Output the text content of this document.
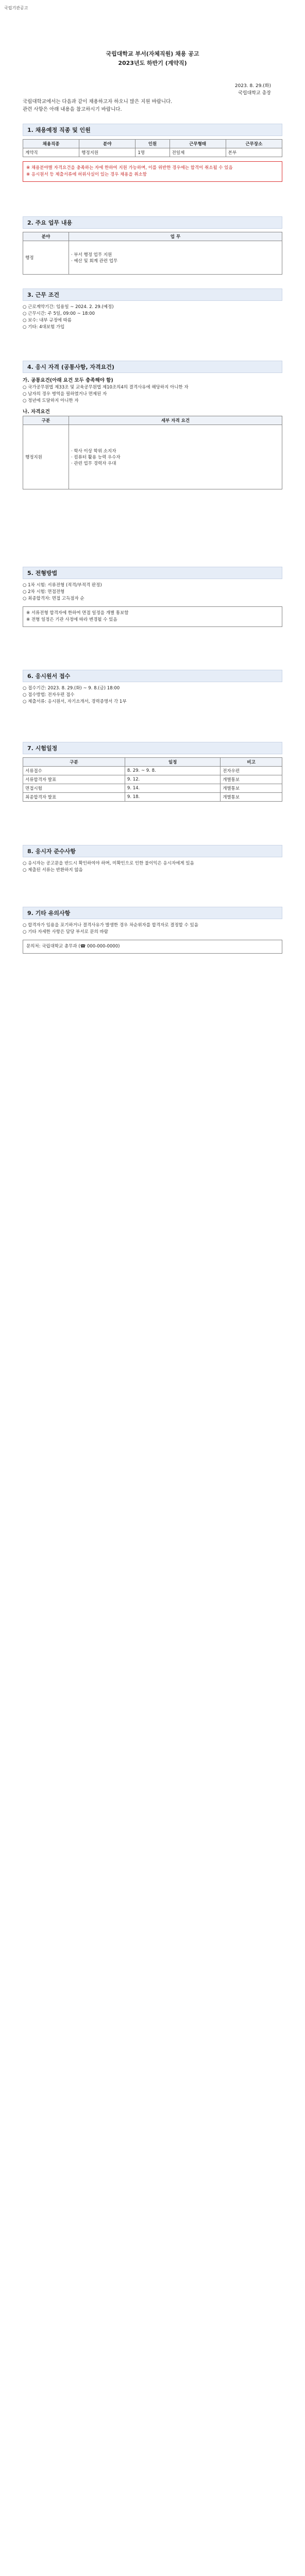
국립기관공고
국립대학교 부서(자체직원) 채용 공고
2023년도 하반기 (계약직)
2023. 8. 29.(화)
국립대학교 총장

국립대학교에서는 다음과 같이 채용하고자 하오니 많은 지원 바랍니다.

관련 사항은 아래 내용을 참고하시기 바랍니다.

1. 채용예정 직종 및 인원
채용직종	분야	인원	근무형태	근무장소
계약직	행정지원	1명	전일제	본부

※ 채용분야별 자격요건을 충족하는 자에 한하여 지원 가능하며, 이를 위반한 경우에는 합격이 취소될 수 있음

※ 응시원서 등 제출서류에 허위사실이 있는 경우 채용을 취소함

2. 주요 업무 내용
분야	업 무
행정	· 부서 행정 업무 지원
· 예산 및 회계 관련 업무
3. 근무 조건

○ 근로계약기간: 임용일 ~ 2024. 2. 29.(예정)

○ 근무시간: 주 5일, 09:00 ~ 18:00

○ 보수: 내부 규정에 따름

○ 기타: 4대보험 가입

4. 응시 자격 (공통사항, 자격요건)
가. 공통요건(아래 요건 모두 충족해야 함)

○ 국가공무원법 제33조 및 교육공무원법 제10조의4의 결격사유에 해당하지 아니한 자

○ 남자의 경우 병역을 필하였거나 면제된 자

○ 정년에 도달하지 아니한 자

나. 자격요건
구분	세부 자격 요건
행정지원	· 학사 이상 학위 소지자
· 컴퓨터 활용 능력 우수자
· 관련 업무 경력자 우대
5. 전형방법

○ 1차 시험: 서류전형 (적격/부적격 판정)

○ 2차 시험: 면접전형

○ 최종합격자: 면접 고득점자 순

※ 서류전형 합격자에 한하여 면접 일정을 개별 통보함

※ 전형 일정은 기관 사정에 따라 변경될 수 있음

6. 응시원서 접수

○ 접수기간: 2023. 8. 29.(화) ~ 9. 8.(금) 18:00

○ 접수방법: 전자우편 접수

○ 제출서류: 응시원서, 자기소개서, 경력증명서 각 1부

7. 시험일정
구분	일정	비고
서류접수	8. 29. ~ 9. 8.	전자우편
서류합격자 발표	9. 12.	개별통보
면접시험	9. 14.	개별통보
최종합격자 발표	9. 18.	개별통보
8. 응시자 준수사항

○ 응시자는 공고문을 반드시 확인하여야 하며, 미확인으로 인한 불이익은 응시자에게 있음

○ 제출된 서류는 반환하지 않음

9. 기타 유의사항

○ 합격자가 임용을 포기하거나 결격사유가 발생한 경우 차순위자를 합격자로 결정할 수 있음

○ 기타 자세한 사항은 담당 부서로 문의 바람

문의처: 국립대학교 총무과 (☎ 000-000-0000)
